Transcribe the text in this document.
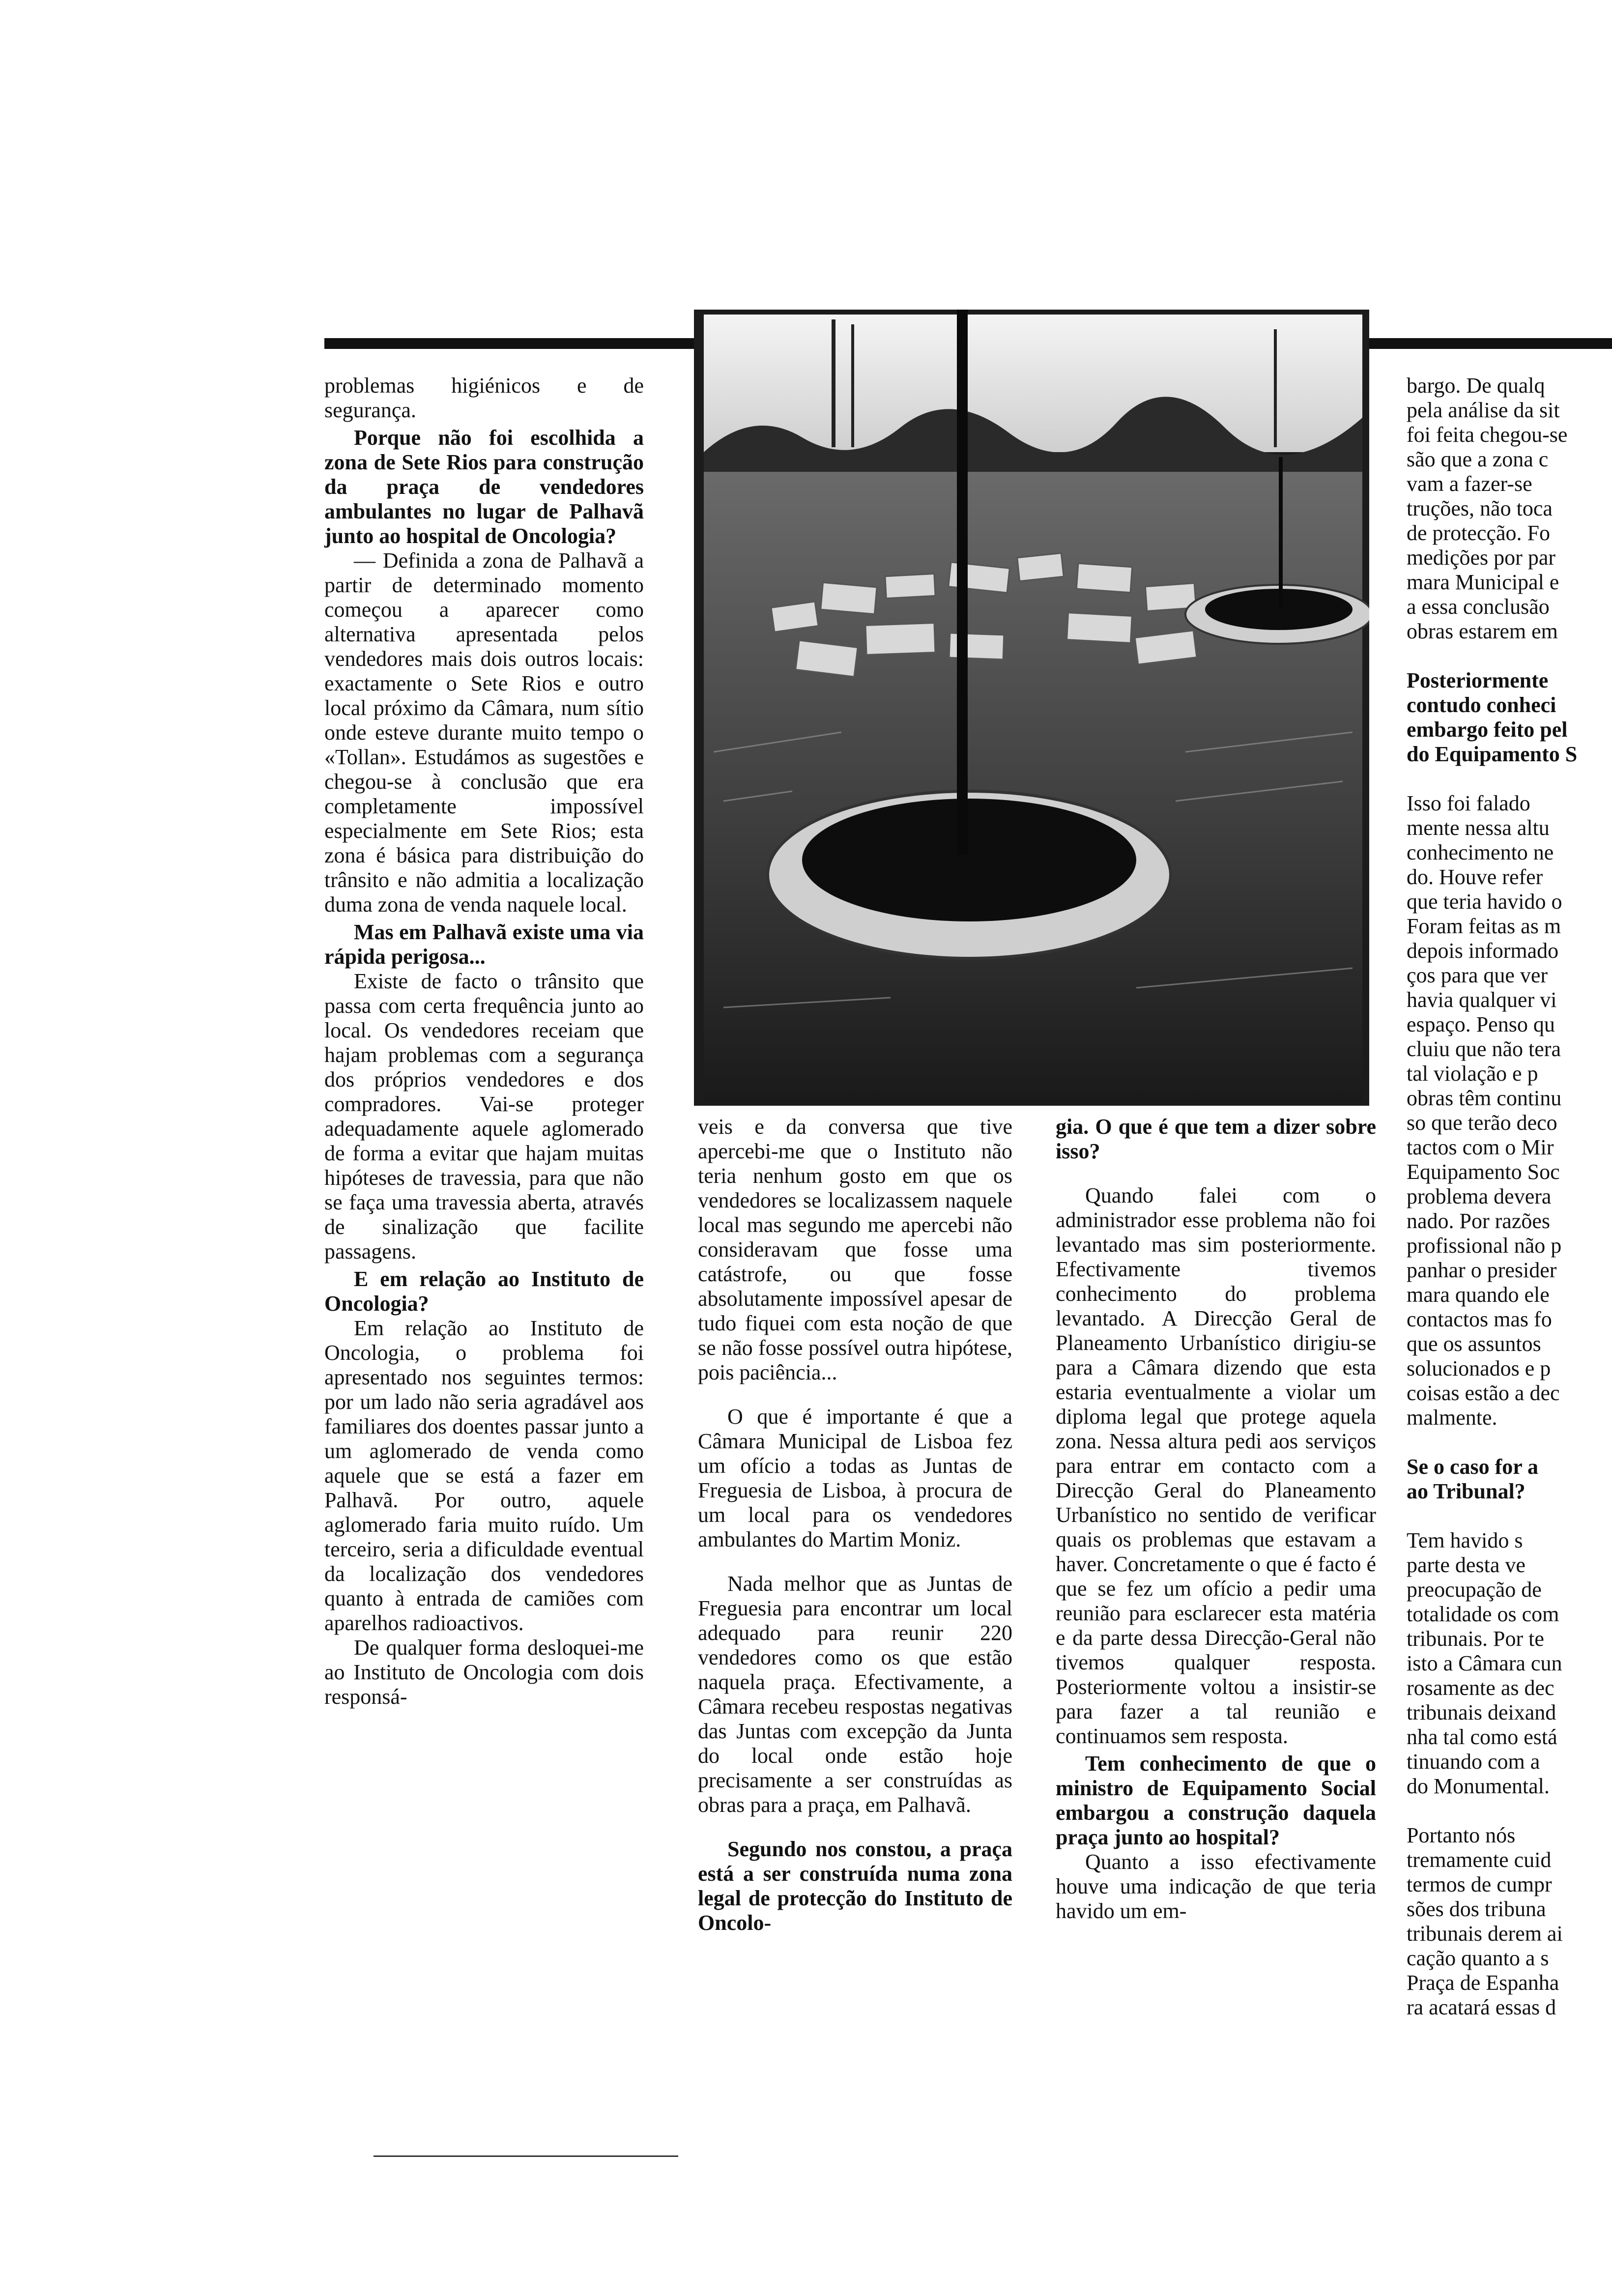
problemas higiénicos e de segurança.

Porque não foi escolhida a zona de Sete Rios para construção da praça de vendedores ambulantes no lugar de Palhavã junto ao hospital de Oncologia?

— Definida a zona de Palhavã a partir de determinado momento começou a aparecer como alternativa apresentada pelos vendedores mais dois outros locais: exactamente o Sete Rios e outro local próximo da Câmara, num sítio onde esteve durante muito tempo o «Tollan». Estudámos as sugestões e chegou-se à conclusão que era completamente impossível especialmente em Sete Rios; esta zona é básica para distribuição do trânsito e não admitia a localização duma zona de venda naquele local.

Mas em Palhavã existe uma via rápida perigosa...

Existe de facto o trânsito que passa com certa frequência junto ao local. Os vendedores receiam que hajam problemas com a segurança dos próprios vendedores e dos compradores. Vai-se proteger adequadamente aquele aglomerado de forma a evitar que hajam muitas hipóteses de travessia, para que não se faça uma travessia aberta, através de sinalização que facilite passagens.

E em relação ao Instituto de Oncologia?

Em relação ao Instituto de Oncologia, o problema foi apresentado nos seguintes termos: por um lado não seria agradável aos familiares dos doentes passar junto a um aglomerado de venda como aquele que se está a fazer em Palhavã. Por outro, aquele aglomerado faria muito ruído. Um terceiro, seria a dificuldade eventual da localização dos vendedores quanto à entrada de camiões com aparelhos radioactivos.

De qualquer forma desloquei-me ao Instituto de Oncologia com dois responsá-

veis e da conversa que tive apercebi-me que o Instituto não teria nenhum gosto em que os vendedores se localizassem naquele local mas segundo me apercebi não consideravam que fosse uma catástrofe, ou que fosse absolutamente impossível apesar de tudo fiquei com esta noção de que se não fosse possível outra hipótese, pois paciência...

O que é importante é que a Câmara Municipal de Lisboa fez um ofício a todas as Juntas de Freguesia de Lisboa, à procura de um local para os vendedores ambulantes do Martim Moniz.

Nada melhor que as Juntas de Freguesia para encontrar um local adequado para reunir 220 vendedores como os que estão naquela praça. Efectivamente, a Câmara recebeu respostas negativas das Juntas com excepção da Junta do local onde estão hoje precisamente a ser construídas as obras para a praça, em Palhavã.

Segundo nos constou, a praça está a ser construída numa zona legal de protecção do Instituto de Oncolo-

gia. O que é que tem a dizer sobre isso?

Quando falei com o administrador esse problema não foi levantado mas sim posteriormente. Efectivamente tivemos conhecimento do problema levantado. A Direcção Geral de Planeamento Urbanístico dirigiu-se para a Câmara dizendo que esta estaria eventualmente a violar um diploma legal que protege aquela zona. Nessa altura pedi aos serviços para entrar em contacto com a Direcção Geral do Planeamento Urbanístico no sentido de verificar quais os problemas que estavam a haver. Concretamente o que é facto é que se fez um ofício a pedir uma reunião para esclarecer esta matéria e da parte dessa Direcção-Geral não tivemos qualquer resposta. Posteriormente voltou a insistir-se para fazer a tal reunião e continuamos sem resposta.

Tem conhecimento de que o ministro de Equipamento Social embargou a construção daquela praça junto ao hospital?

Quanto a isso efectivamente houve uma indicação de que teria havido um em-

bargo. De qualq
pela análise da sit
foi feita chegou-se
são que a zona c
vam a fazer-se
truções, não toca
de protecção. Fo
medições por par
mara Municipal e
a essa conclusão
obras estarem em
Posteriormente
contudo conheci
embargo feito pel
do Equipamento S
Isso foi falado
mente nessa altu
conhecimento ne
do. Houve refer
que teria havido o
Foram feitas as m
depois informado
ços para que ver
havia qualquer vi
espaço. Penso qu
cluiu que não tera
tal violação e p
obras têm continu
so que terão deco
tactos com o Mir
Equipamento Soc
problema devera
nado. Por razões
profissional não p
panhar o presider
mara quando ele
contactos mas fo
que os assuntos
solucionados e p
coisas estão a dec
malmente.
Se o caso for a
ao Tribunal?
Tem havido s
parte desta ve
preocupação de
totalidade os com
tribunais. Por te
isto a Câmara cun
rosamente as dec
tribunais deixand
nha tal como está
tinuando com a
do Monumental.
Portanto nós
tremamente cuid
termos de cumpr
sões dos tribuna
tribunais derem ai
cação quanto a s
Praça de Espanha
ra acatará essas d
